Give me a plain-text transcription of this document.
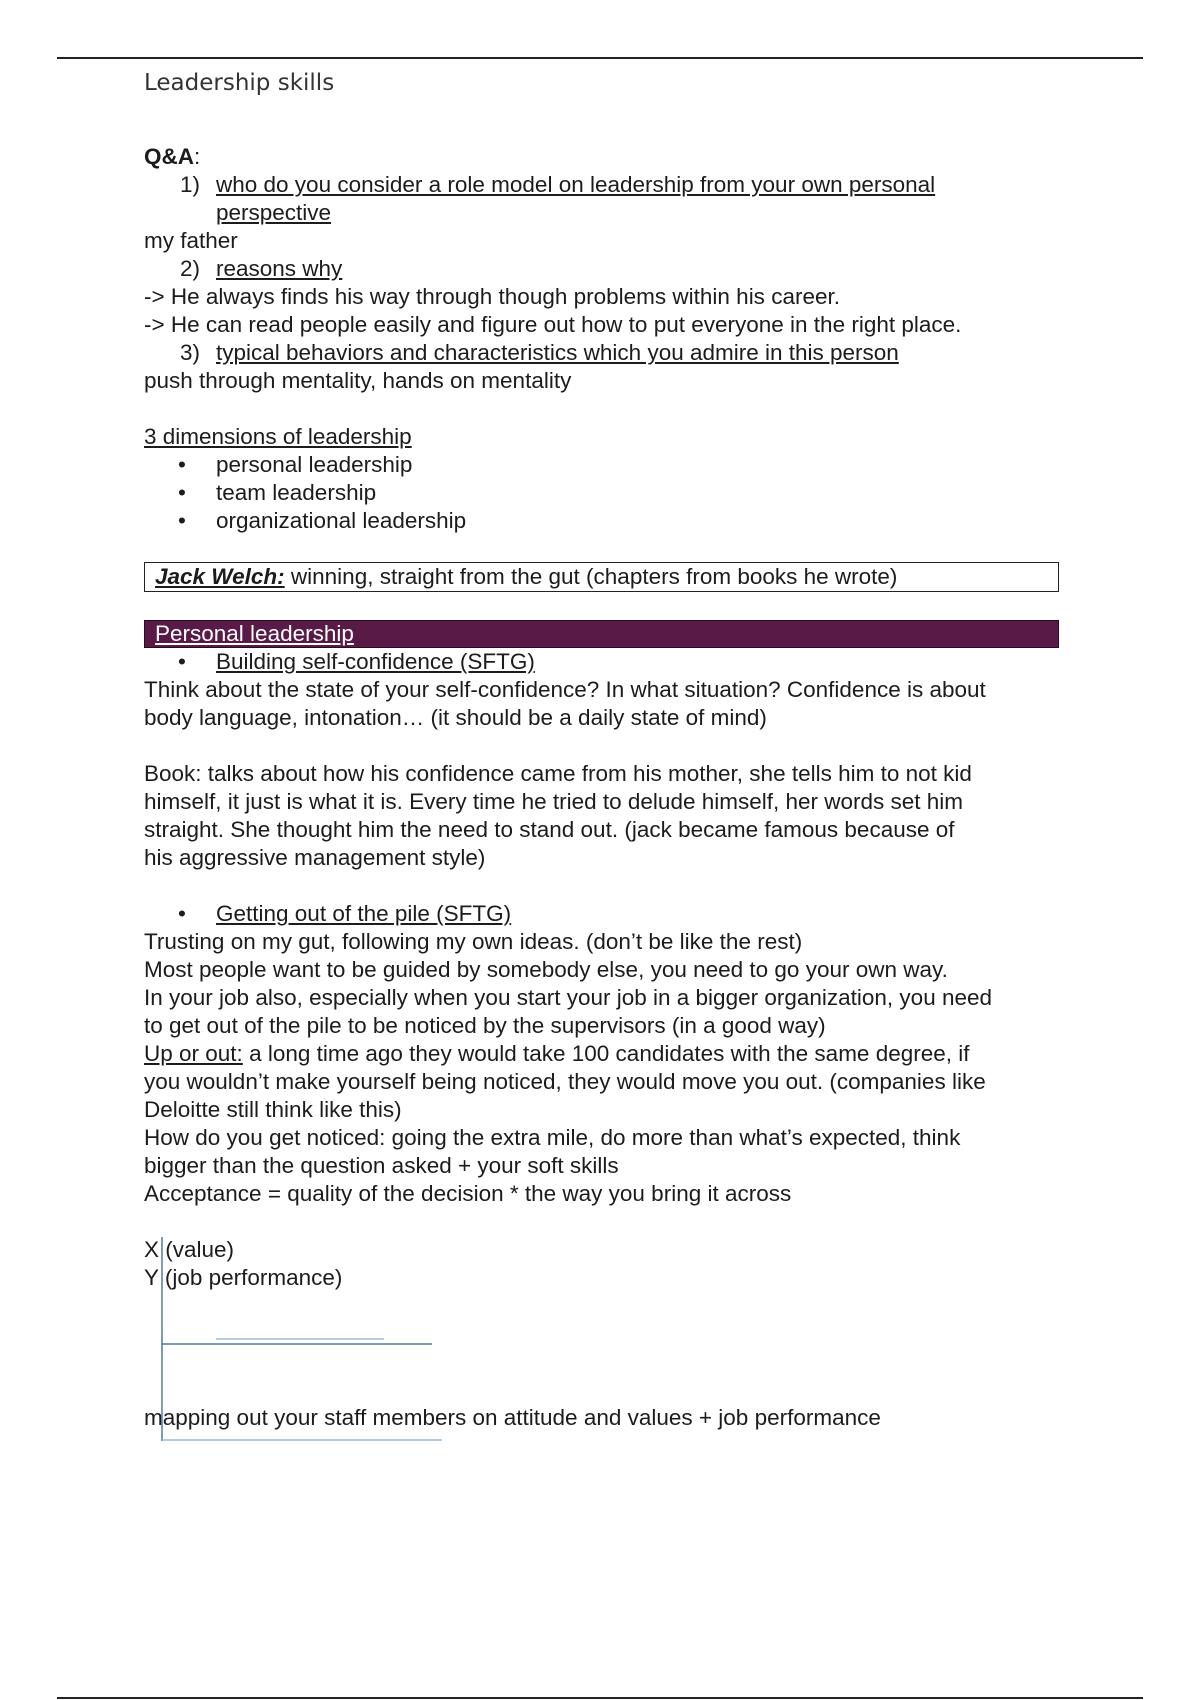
Leadership skills

Q&A:

1) who do you consider a role model on leadership from your own personal
perspective

my father

2) reasons why

-> He always finds his way through though problems within his career.

-> He can read people easily and figure out how to put everyone in the right place.

3) typical behaviors and characteristics which you admire in this person

push through mentality, hands on mentality

3 dimensions of leadership

• personal leadership
• team leadership
• organizational leadership
Jack Welch: winning, straight from the gut (chapters from books he wrote)
Personal leadership
• Building self-confidence (SFTG)

Think about the state of your self-confidence? In what situation? Confidence is about

body language, intonation… (it should be a daily state of mind)

Book: talks about how his confidence came from his mother, she tells him to not kid

himself, it just is what it is. Every time he tried to delude himself, her words set him

straight. She thought him the need to stand out. (jack became famous because of

his aggressive management style)

• Getting out of the pile (SFTG)

Trusting on my gut, following my own ideas. (don’t be like the rest)

Most people want to be guided by somebody else, you need to go your own way.

In your job also, especially when you start your job in a bigger organization, you need

to get out of the pile to be noticed by the supervisors (in a good way)

Up or out: a long time ago they would take 100 candidates with the same degree, if

you wouldn’t make yourself being noticed, they would move you out. (companies like

Deloitte still think like this)

How do you get noticed: going the extra mile, do more than what’s expected, think

bigger than the question asked + your soft skills

Acceptance = quality of the decision * the way you bring it across

X (value)

Y (job performance)

mapping out your staff members on attitude and values + job performance
